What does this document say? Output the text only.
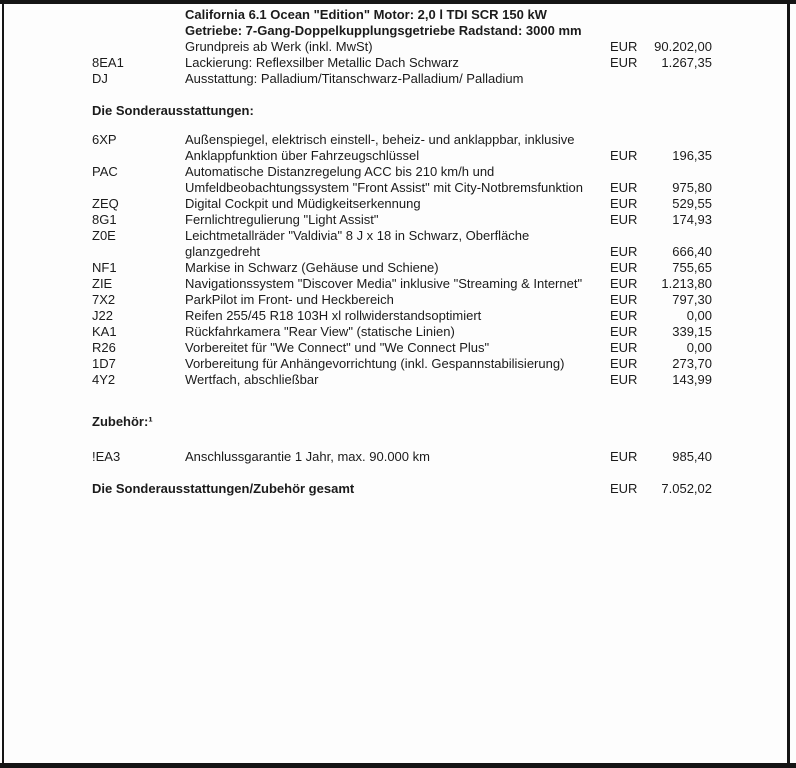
California 6.1 Ocean "Edition" Motor: 2,0 l TDI SCR 150 kW
Getriebe: 7-Gang-Doppelkupplungsgetriebe Radstand: 3000 mm
Grundpreis ab Werk (inkl. MwSt)	EUR	90.202,00
8EA1	Lackierung: Reflexsilber Metallic Dach Schwarz	EUR	1.267,35
DJ	Ausstattung: Palladium/Titanschwarz-Palladium/ Palladium
Die Sonderausstattungen:
6XP	Außenspiegel, elektrisch einstell-, beheiz- und anklappbar, inklusive
Anklappfunktion über Fahrzeugschlüssel	EUR	196,35
PAC	Automatische Distanzregelung ACC bis 210 km/h und
Umfeldbeobachtungssystem "Front Assist" mit City-Notbremsfunktion	EUR	975,80
ZEQ	Digital Cockpit und Müdigkeitserkennung	EUR	529,55
8G1	Fernlichtregulierung "Light Assist"	EUR	174,93
Z0E	Leichtmetallräder "Valdivia" 8 J x 18 in Schwarz, Oberfläche
glanzgedreht	EUR	666,40
NF1	Markise in Schwarz (Gehäuse und Schiene)	EUR	755,65
ZIE	Navigationssystem "Discover Media" inklusive "Streaming & Internet"	EUR	1.213,80
7X2	ParkPilot im Front- und Heckbereich	EUR	797,30
J22	Reifen 255/45 R18 103H xl rollwiderstandsoptimiert	EUR	0,00
KA1	Rückfahrkamera "Rear View" (statische Linien)	EUR	339,15
R26	Vorbereitet für "We Connect" und "We Connect Plus"	EUR	0,00
1D7	Vorbereitung für Anhängevorrichtung (inkl. Gespannstabilisierung)	EUR	273,70
4Y2	Wertfach, abschließbar	EUR	143,99
Zubehör:¹
!EA3	Anschlussgarantie 1 Jahr, max. 90.000 km	EUR	985,40
Die Sonderausstattungen/Zubehör gesamt	EUR	7.052,02
